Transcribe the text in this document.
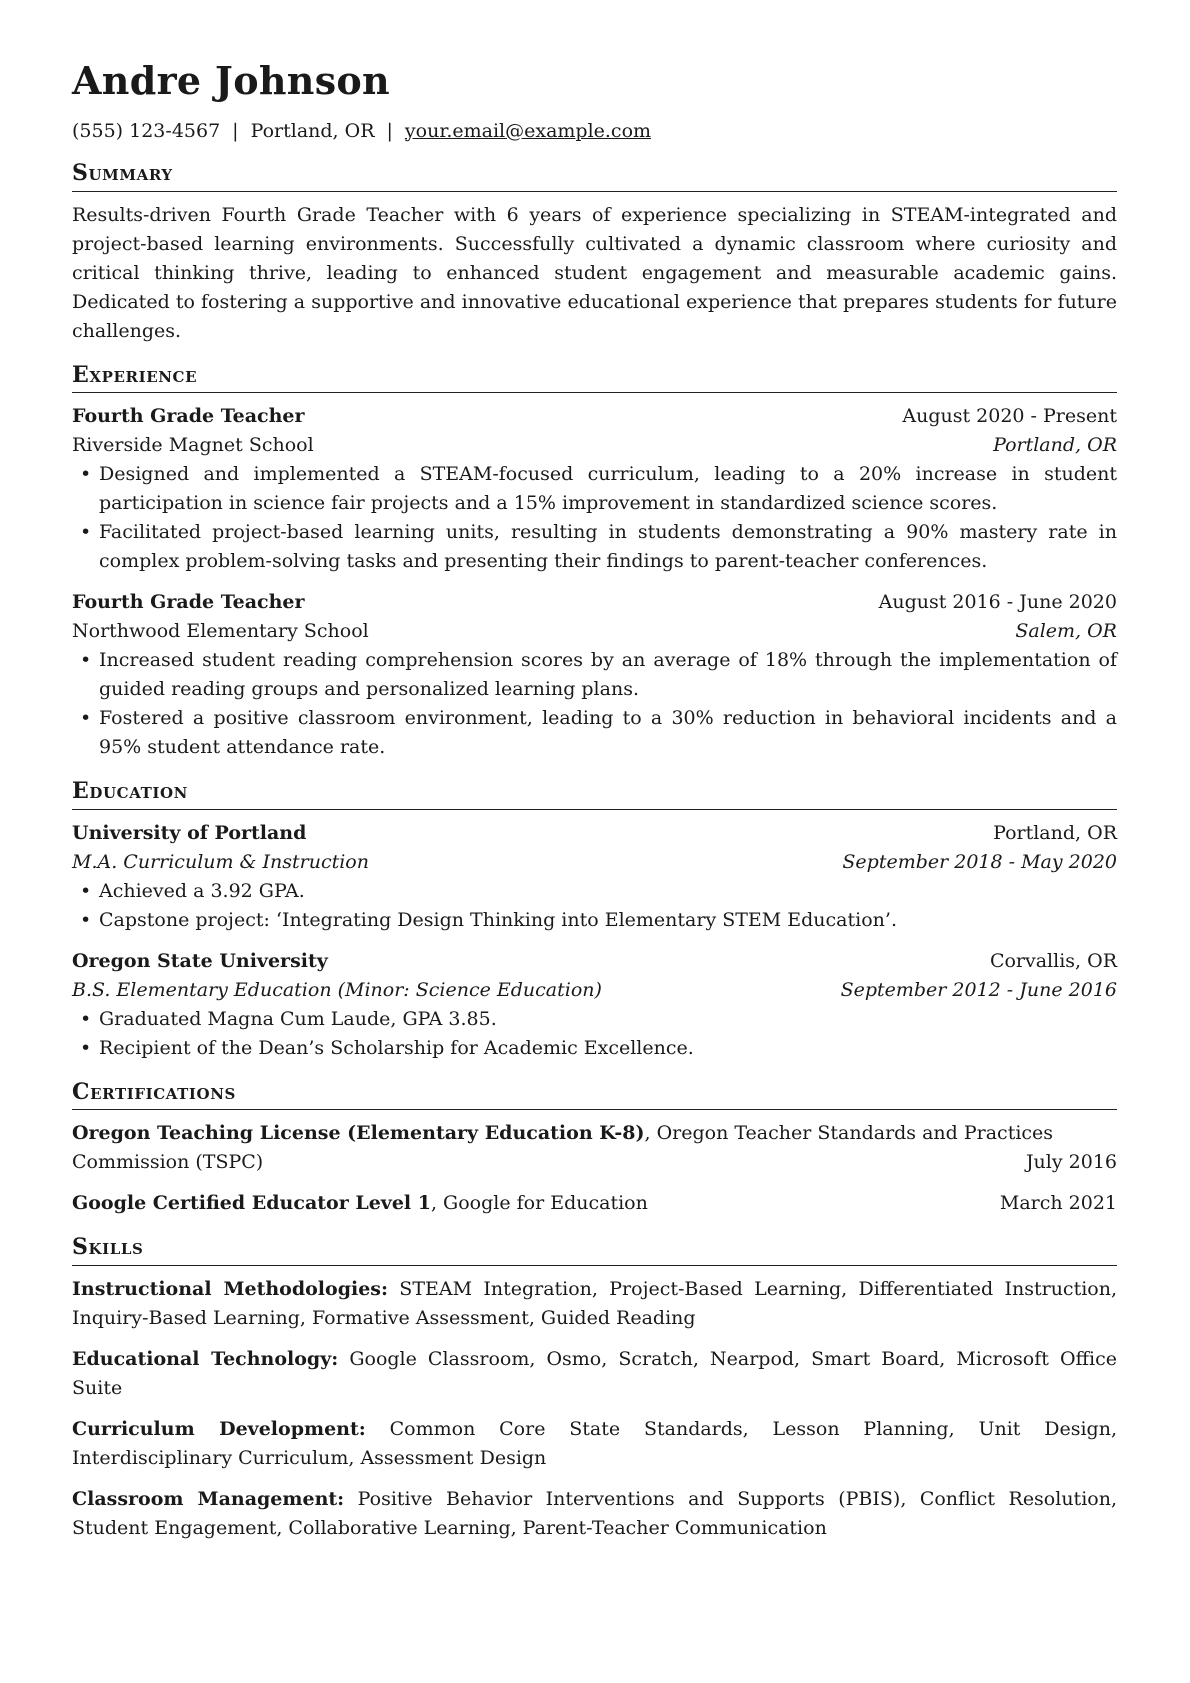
Andre Johnson
(555) 123-4567 | Portland, OR | your.email@example.com
Summary
Results-driven Fourth Grade Teacher with 6 years of experience specializing in STEAM-integrated and project-based learning environments. Successfully cultivated a dynamic classroom where curiosity and critical thinking thrive, leading to enhanced student engagement and measurable academic gains. Dedicated to fostering a supportive and innovative educational experience that prepares students for future challenges.
Experience
Fourth Grade Teacher	August 2020 - Present
Riverside Magnet School	Portland, OR
• Designed and implemented a STEAM-focused curriculum, leading to a 20% increase in student participation in science fair projects and a 15% improvement in standardized science scores.
• Facilitated project-based learning units, resulting in students demonstrating a 90% mastery rate in complex problem-solving tasks and presenting their findings to parent-teacher conferences.
Fourth Grade Teacher	August 2016 - June 2020
Northwood Elementary School	Salem, OR
• Increased student reading comprehension scores by an average of 18% through the implementation of guided reading groups and personalized learning plans.
• Fostered a positive classroom environment, leading to a 30% reduction in behavioral incidents and a 95% student attendance rate.
Education
University of Portland	Portland, OR
M.A. Curriculum & Instruction	September 2018 - May 2020
• Achieved a 3.92 GPA.
• Capstone project: ‘Integrating Design Thinking into Elementary STEM Education’.
Oregon State University	Corvallis, OR
B.S. Elementary Education (Minor: Science Education)	September 2012 - June 2016
• Graduated Magna Cum Laude, GPA 3.85.
• Recipient of the Dean’s Scholarship for Academic Excellence.
Certifications
Oregon Teaching License (Elementary Education K-8), Oregon Teacher Standards and Practices
Commission (TSPC)	July 2016
Google Certified Educator Level 1, Google for Education	March 2021
Skills
Instructional Methodologies: STEAM Integration, Project-Based Learning, Differentiated Instruction, Inquiry-Based Learning, Formative Assessment, Guided Reading
Educational Technology: Google Classroom, Osmo, Scratch, Nearpod, Smart Board, Microsoft Office Suite
Curriculum Development: Common Core State Standards, Lesson Planning, Unit Design, Interdisciplinary Curriculum, Assessment Design
Classroom Management: Positive Behavior Interventions and Supports (PBIS), Conflict Resolution, Student Engagement, Collaborative Learning, Parent-Teacher Communication
